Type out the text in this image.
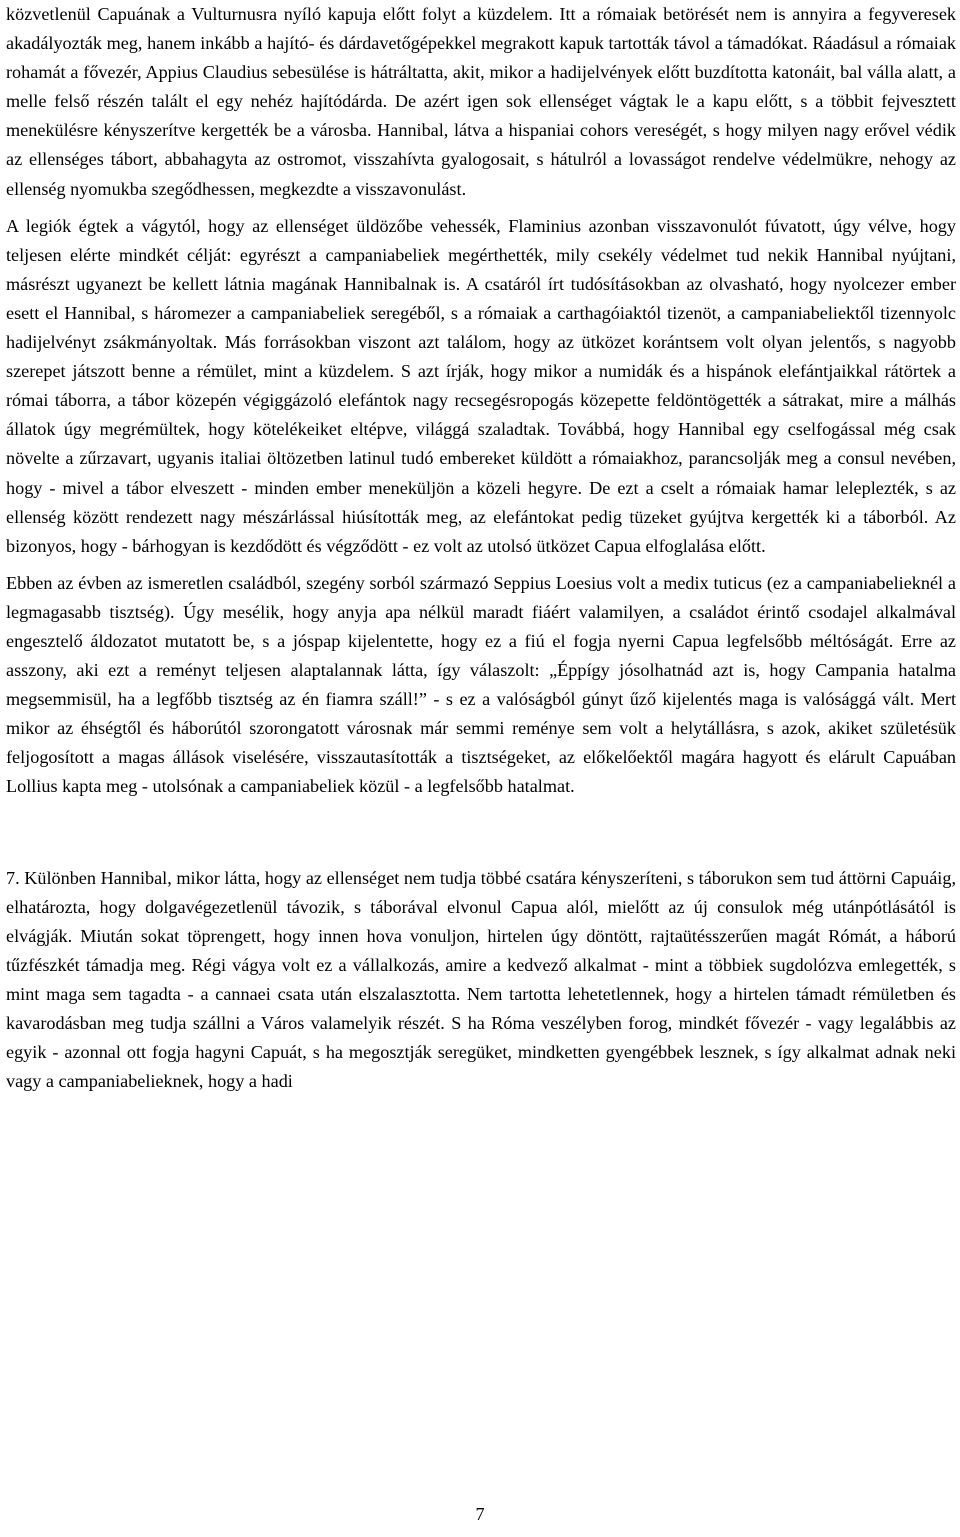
közvetlenül Capuának a Vulturnusra nyíló kapuja előtt folyt a küzdelem. Itt a rómaiak betörését nem is annyira a fegyveresek akadályozták meg, hanem inkább a hajító- és dárdavetőgépekkel megrakott kapuk tartották távol a támadókat. Ráadásul a rómaiak rohamát a fővezér, Appius Claudius sebesülése is hátráltatta, akit, mikor a hadijelvények előtt buzdította katonáit, bal válla alatt, a melle felső részén talált el egy nehéz hajítódárda. De azért igen sok ellenséget vágtak le a kapu előtt, s a többit fejvesztett menekülésre kényszerítve kergették be a városba. Hannibal, látva a hispaniai cohors vereségét, s hogy milyen nagy erővel védik az ellenséges tábort, abbahagyta az ostromot, visszahívta gyalogosait, s hátulról a lovasságot rendelve védelmükre, nehogy az ellenség nyomukba szegődhessen, megkezdte a visszavonulást.

A legiók égtek a vágytól, hogy az ellenséget üldözőbe vehessék, Flaminius azonban visszavonulót fúvatott, úgy vélve, hogy teljesen elérte mindkét célját: egyrészt a campaniabeliek megérthették, mily csekély védelmet tud nekik Hannibal nyújtani, másrészt ugyanezt be kellett látnia magának Hannibalnak is. A csatáról írt tudósításokban az olvasható, hogy nyolcezer ember esett el Hannibal, s háromezer a campaniabeliek seregéből, s a rómaiak a carthagóiaktól tizenöt, a campaniabeliektől tizennyolc hadijelvényt zsákmányoltak. Más forrásokban viszont azt találom, hogy az ütközet korántsem volt olyan jelentős, s nagyobb szerepet játszott benne a rémület, mint a küzdelem. S azt írják, hogy mikor a numidák és a hispánok elefántjaikkal rátörtek a római táborra, a tábor közepén végiggázoló elefántok nagy recsegésropogás közepette feldöntögették a sátrakat, mire a málhás állatok úgy megrémültek, hogy kötelékeiket eltépve, világgá szaladtak. Továbbá, hogy Hannibal egy cselfogással még csak növelte a zűrzavart, ugyanis italiai öltözetben latinul tudó embereket küldött a rómaiakhoz, parancsolják meg a consul nevében, hogy - mivel a tábor elveszett - minden ember meneküljön a közeli hegyre. De ezt a cselt a rómaiak hamar leleplezték, s az ellenség között rendezett nagy mészárlással hiúsították meg, az elefántokat pedig tüzeket gyújtva kergették ki a táborból. Az bizonyos, hogy - bárhogyan is kezdődött és végződött - ez volt az utolsó ütközet Capua elfoglalása előtt.

Ebben az évben az ismeretlen családból, szegény sorból származó Seppius Loesius volt a medix tuticus (ez a campaniabelieknél a legmagasabb tisztség). Úgy mesélik, hogy anyja apa nélkül maradt fiáért valamilyen, a családot érintő csodajel alkalmával engesztelő áldozatot mutatott be, s a jóspap kijelentette, hogy ez a fiú el fogja nyerni Capua legfelsőbb méltóságát. Erre az asszony, aki ezt a reményt teljesen alaptalannak látta, így válaszolt: „Éppígy jósolhatnád azt is, hogy Campania hatalma megsemmisül, ha a legfőbb tisztség az én fiamra száll!” - s ez a valóságból gúnyt űző kijelentés maga is valósággá vált. Mert mikor az éhségtől és háborútól szorongatott városnak már semmi reménye sem volt a helytállásra, s azok, akiket születésük feljogosított a magas állások viselésére, visszautasították a tisztségeket, az előkelőektől magára hagyott és elárult Capuában Lollius kapta meg - utolsónak a campaniabeliek közül - a legfelsőbb hatalmat.

7. Különben Hannibal, mikor látta, hogy az ellenséget nem tudja többé csatára kényszeríteni, s táborukon sem tud áttörni Capuáig, elhatározta, hogy dolgavégezetlenül távozik, s táborával elvonul Capua alól, mielőtt az új consulok még utánpótlásától is elvágják. Miután sokat töprengett, hogy innen hova vonuljon, hirtelen úgy döntött, rajtaütésszerűen magát Rómát, a háború tűzfészkét támadja meg. Régi vágya volt ez a vállalkozás, amire a kedvező alkalmat - mint a többiek sugdolózva emlegették, s mint maga sem tagadta - a cannaei csata után elszalasztotta. Nem tartotta lehetetlennek, hogy a hirtelen támadt rémületben és kavarodásban meg tudja szállni a Város valamelyik részét. S ha Róma veszélyben forog, mindkét fővezér - vagy legalábbis az egyik - azonnal ott fogja hagyni Capuát, s ha megosztják seregüket, mindketten gyengébbek lesznek, s így alkalmat adnak neki vagy a campaniabelieknek, hogy a hadi

7
